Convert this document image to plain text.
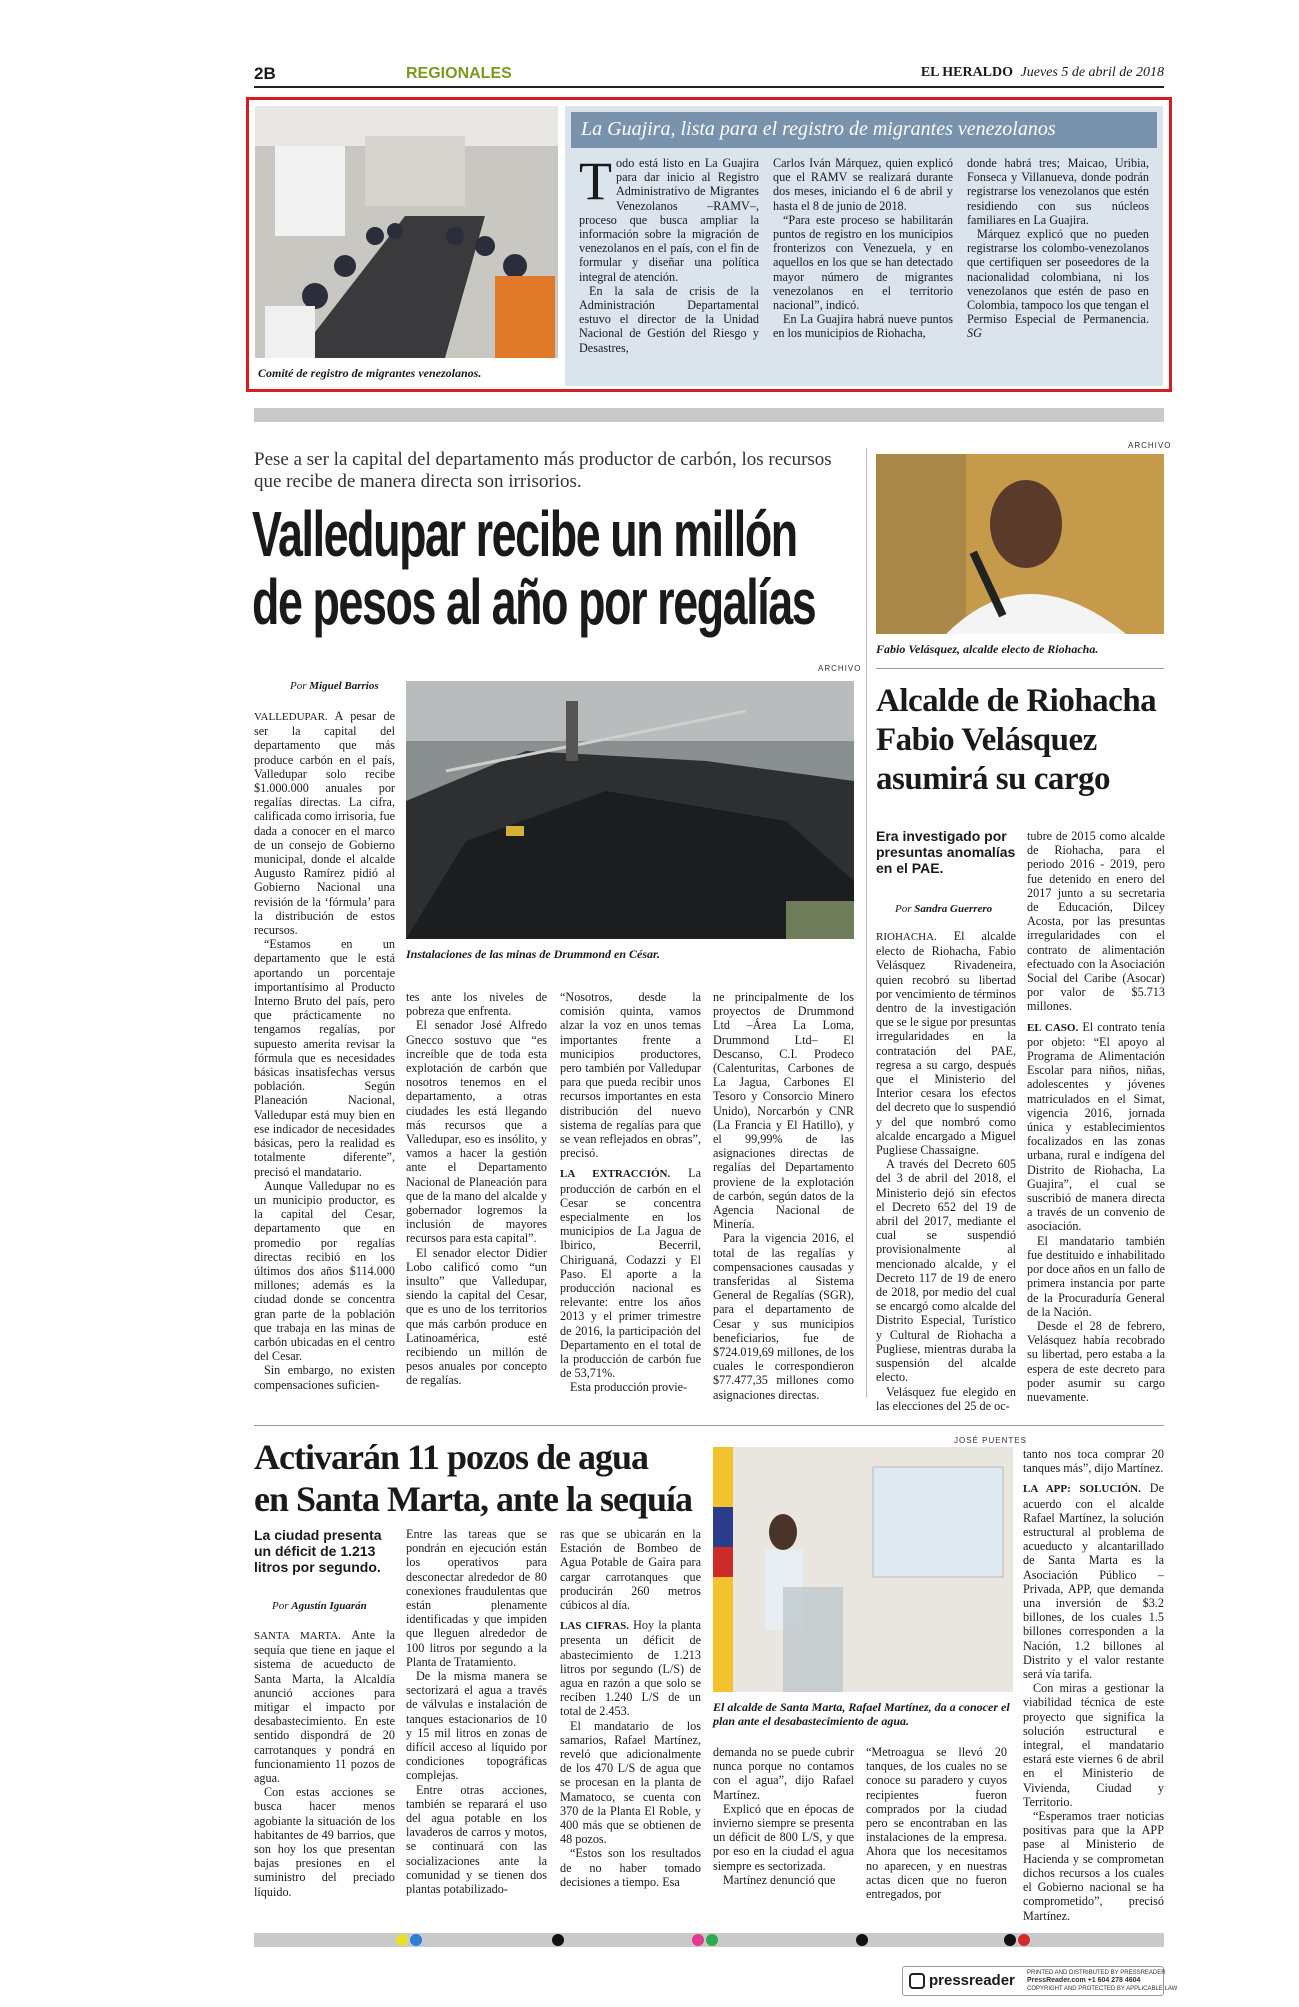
2B	REGIONALES	EL HERALDO Jueves 5 de abril de 2018
Comité de registro de migrantes venezolanos.
La Guajira, lista para el registro de migrantes venezolanos
T odo está listo en La Guajira para dar inicio al Registro Administrativo de Migrantes Venezolanos –RAMV–, proceso que busca ampliar la información sobre la migración de venezolanos en el país, con el fin de formular y diseñar una política integral de atención.

En la sala de crisis de la Administración Departamental estuvo el director de la Unidad Nacional de Gestión del Riesgo y Desastres,

Carlos Iván Márquez, quien explicó que el RAMV se realizará durante dos meses, iniciando el 6 de abril y hasta el 8 de junio de 2018.

“Para este proceso se habilitarán puntos de registro en los municipios fronterizos con Venezuela, y en aquellos en los que se han detectado mayor número de migrantes venezolanos en el territorio nacional”, indicó.

En La Guajira habrá nueve puntos en los municipios de Riohacha,

donde habrá tres; Maicao, Uribia, Fonseca y Villanueva, donde podrán registrarse los venezolanos que estén residiendo con sus núcleos familiares en La Guajira.

Márquez explicó que no pueden registrarse los colombo-venezolanos que certifiquen ser poseedores de la nacionalidad colombiana, ni los venezolanos que estén de paso en Colombia, tampoco los que tengan el Permiso Especial de Permanencia. SG

Pese a ser la capital del departamento más productor de carbón, los recursos que recibe de manera directa son irrisorios.
Valledupar recibe un millón
de pesos al año por regalías
ARCHIVO
Por Miguel Barrios
Instalaciones de las minas de Drummond en César.

VALLEDUPAR. A pesar de ser la capital del departamento que más produce carbón en el país, Valledupar solo recibe $1.000.000 anuales por regalías directas. La cifra, calificada como irrisoria, fue dada a conocer en el marco de un consejo de Gobierno municipal, donde el alcalde Augusto Ramírez pidió al Gobierno Nacional una revisión de la ‘fórmula’ para la distribución de estos recursos.

“Estamos en un departamento que le está aportando un porcentaje importantísimo al Producto Interno Bruto del país, pero que prácticamente no tengamos regalías, por supuesto amerita revisar la fórmula que es necesidades básicas insatisfechas versus población. Según Planeación Nacional, Valledupar está muy bien en ese indicador de necesidades básicas, pero la realidad es totalmente diferente”, precisó el mandatario.

Aunque Valledupar no es un municipio productor, es la capital del Cesar, departamento que en promedio por regalías directas recibió en los últimos dos años $114.000 millones; además es la ciudad donde se concentra gran parte de la población que trabaja en las minas de carbón ubicadas en el centro del Cesar.

Sin embargo, no existen compensaciones suficien-

tes ante los niveles de pobreza que enfrenta.

El senador José Alfredo Gnecco sostuvo que “es increíble que de toda esta explotación de carbón que nosotros tenemos en el departamento, a otras ciudades les está llegando más recursos que a Valledupar, eso es insólito, y vamos a hacer la gestión ante el Departamento Nacional de Planeación para que de la mano del alcalde y gobernador logremos la inclusión de mayores recursos para esta capital”.

El senador elector Didier Lobo calificó como “un insulto” que Valledupar, siendo la capital del Cesar, que es uno de los territorios que más carbón produce en Latinoamérica, esté recibiendo un millón de pesos anuales por concepto de regalías.

“Nosotros, desde la comisión quinta, vamos alzar la voz en unos temas importantes frente a municipios productores, pero también por Valledupar para que pueda recibir unos recursos importantes en esta distribución del nuevo sistema de regalías para que se vean reflejados en obras”, precisó.

LA EXTRACCIÓN. La producción de carbón en el Cesar se concentra especialmente en los municipios de La Jagua de Ibirico, Becerril, Chiriguaná, Codazzi y El Paso. El aporte a la producción nacional es relevante: entre los años 2013 y el primer trimestre de 2016, la participación del Departamento en el total de la producción de carbón fue de 53,71%.

Esta producción provie-

ne principalmente de los proyectos de Drummond Ltd –Área La Loma, Drummond Ltd– El Descanso, C.I. Prodeco (Calenturitas, Carbones de La Jagua, Carbones El Tesoro y Consorcio Minero Unido), Norcarbón y CNR (La Francia y El Hatillo), y el 99,99% de las asignaciones directas de regalías del Departamento proviene de la explotación de carbón, según datos de la Agencia Nacional de Minería.

Para la vigencia 2016, el total de las regalías y compensaciones causadas y transferidas al Sistema General de Regalías (SGR), para el departamento de Cesar y sus municipios beneficiarios, fue de $724.019,69 millones, de los cuales le correspondieron $77.477,35 millones como asignaciones directas.

ARCHIVO
Fabio Velásquez, alcalde electo de Riohacha.
Alcalde de Riohacha Fabio Velásquez asumirá su cargo
Era investigado por presuntas anomalías en el PAE.
Por Sandra Guerrero

RIOHACHA. El alcalde electo de Riohacha, Fabio Velásquez Rivadeneira, quien recobró su libertad por vencimiento de términos dentro de la investigación que se le sigue por presuntas irregularidades en la contratación del PAE, regresa a su cargo, después que el Ministerio del Interior cesara los efectos del decreto que lo suspendió y del que nombró como alcalde encargado a Miguel Pugliese Chassaigne.

A través del Decreto 605 del 3 de abril del 2018, el Ministerio dejó sin efectos el Decreto 652 del 19 de abril del 2017, mediante el cual se suspendió provisionalmente al mencionado alcalde, y el Decreto 117 de 19 de enero de 2018, por medio del cual se encargó como alcalde del Distrito Especial, Turístico y Cultural de Riohacha a Pugliese, mientras duraba la suspensión del alcalde electo.

Velásquez fue elegido en las elecciones del 25 de oc-

tubre de 2015 como alcalde de Riohacha, para el periodo 2016 - 2019, pero fue detenido en enero del 2017 junto a su secretaria de Educación, Dilcey Acosta, por las presuntas irregularidades con el contrato de alimentación efectuado con la Asociación Social del Caribe (Asocar) por valor de $5.713 millones.

EL CASO. El contrato tenía por objeto: “El apoyo al Programa de Alimentación Escolar para niños, niñas, adolescentes y jóvenes matriculados en el Simat, vigencia 2016, jornada única y establecimientos focalizados en las zonas urbana, rural e indígena del Distrito de Riohacha, La Guajira”, el cual se suscribió de manera directa a través de un convenio de asociación.

El mandatario también fue destituido e inhabilitado por doce años en un fallo de primera instancia por parte de la Procuraduría General de la Nación.

Desde el 28 de febrero, Velásquez había recobrado su libertad, pero estaba a la espera de este decreto para poder asumir su cargo nuevamente.

Activarán 11 pozos de agua
en Santa Marta, ante la sequía
JOSÉ PUENTES
El alcalde de Santa Marta, Rafael Martínez, da a conocer el plan ante el desabastecimiento de agua.
La ciudad presenta un déficit de 1.213 litros por segundo.
Por Agustín Iguarán

SANTA MARTA. Ante la sequía que tiene en jaque el sistema de acueducto de Santa Marta, la Alcaldía anunció acciones para mitigar el impacto por desabastecimiento. En este sentido dispondrá de 20 carrotanques y pondrá en funcionamiento 11 pozos de agua.

Con estas acciones se busca hacer menos agobiante la situación de los habitantes de 49 barrios, que son hoy los que presentan bajas presiones en el suministro del preciado líquido.

Entre las tareas que se pondrán en ejecución están los operativos para desconectar alrededor de 80 conexiones fraudulentas que están plenamente identificadas y que impiden que lleguen alrededor de 100 litros por segundo a la Planta de Tratamiento.

De la misma manera se sectorizará el agua a través de válvulas e instalación de tanques estacionarios de 10 y 15 mil litros en zonas de difícil acceso al líquido por condiciones topográficas complejas.

Entre otras acciones, también se reparará el uso del agua potable en los lavaderos de carros y motos, se continuará con las socializaciones ante la comunidad y se tienen dos plantas potabilizado-

ras que se ubicarán en la Estación de Bombeo de Agua Potable de Gaira para cargar carrotanques que producirán 260 metros cúbicos al día.

LAS CIFRAS. Hoy la planta presenta un déficit de abastecimiento de 1.213 litros por segundo (L/S) de agua en razón a que solo se reciben 1.240 L/S de un total de 2.453.

El mandatario de los samarios, Rafael Martínez, reveló que adicionalmente de los 470 L/S de agua que se procesan en la planta de Mamatoco, se cuenta con 370 de la Planta El Roble, y 400 más que se obtienen de 48 pozos.

“Estos son los resultados de no haber tomado decisiones a tiempo. Esa

demanda no se puede cubrir nunca porque no contamos con el agua”, dijo Rafael Martínez.

Explicó que en épocas de invierno siempre se presenta un déficit de 800 L/S, y que por eso en la ciudad el agua siempre es sectorizada.

Martínez denunció que

“Metroagua se llevó 20 tanques, de los cuales no se conoce su paradero y cuyos recipientes fueron comprados por la ciudad pero se encontraban en las instalaciones de la empresa. Ahora que los necesitamos no aparecen, y en nuestras actas dicen que no fueron entregados, por

tanto nos toca comprar 20 tanques más”, dijo Martínez.

LA APP: SOLUCIÓN. De acuerdo con el alcalde Rafael Martínez, la solución estructural al problema de acueducto y alcantarillado de Santa Marta es la Asociación Público – Privada, APP, que demanda una inversión de $3.2 billones, de los cuales 1.5 billones corresponden a la Nación, 1.2 billones al Distrito y el valor restante será vía tarifa.

Con miras a gestionar la viabilidad técnica de este proyecto que significa la solución estructural e integral, el mandatario estará este viernes 6 de abril en el Ministerio de Vivienda, Ciudad y Territorio.

“Esperamos traer noticias positivas para que la APP pase al Ministerio de Hacienda y se comprometan dichos recursos a los cuales el Gobierno nacional se ha comprometido”, precisó Martínez.

pressreader PRINTED AND DISTRIBUTED BY PRESSREADER
PressReader.com +1 604 278 4604
COPYRIGHT AND PROTECTED BY APPLICABLE LAW
